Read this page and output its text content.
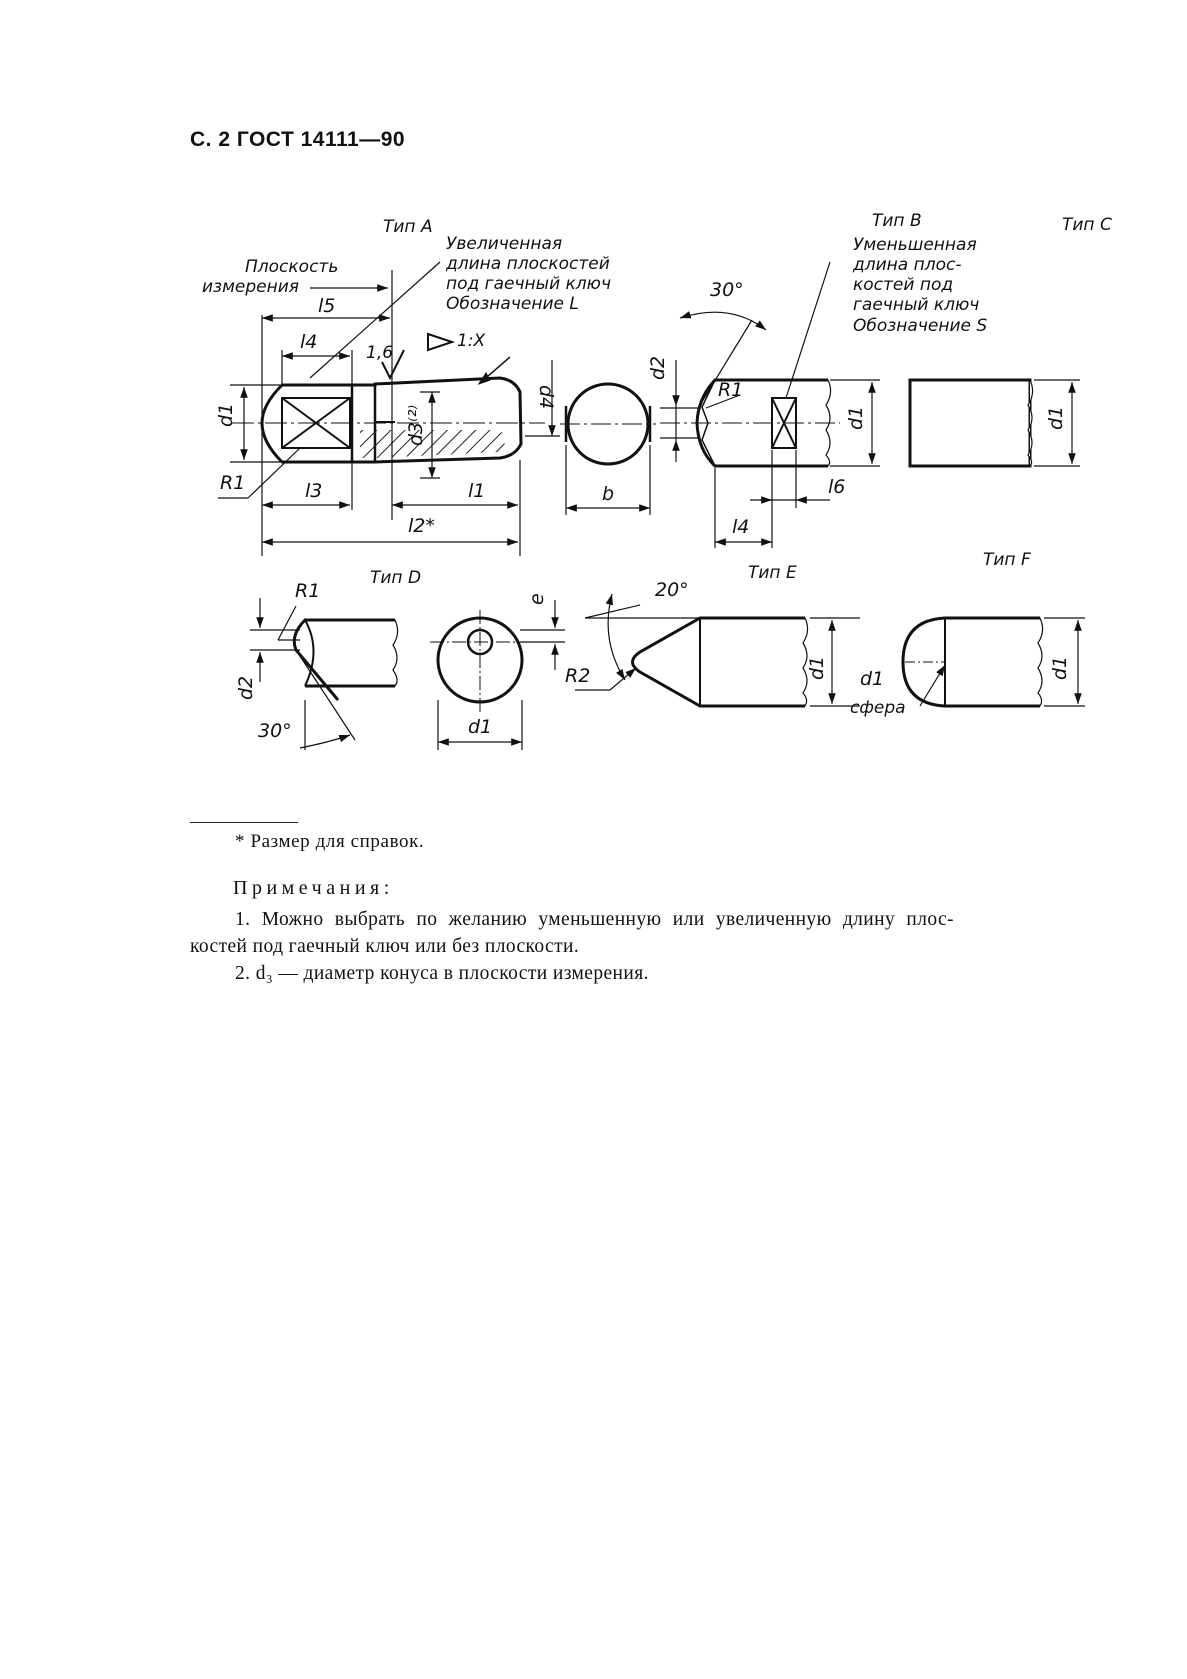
С. 2 ГОСТ 14111—90
Тип А
Увеличенная
длина плоскостей
под гаечный ключ
Обозначение L
Плоскость
измерения
l5
l4	1,6
1:X
d1	d3⁽²⁾
d4
R1	l3	l1
l2*
b
Тип В
Уменьшенная
длина плос-
костей под
гаечный ключ
Обозначение S
30°
d2
R1
d1
l4
l6
Тип С
d1
Тип D
R1
d2
30°
e
d1
Тип Е
20°
R2	d1
Тип F
d1
d1
сфера
* Размер для справок.
Примечания:
1. Можно выбрать по желанию уменьшенную или увеличенную длину плос-
костей под гаечный ключ или без плоскости.
2. d₃ — диаметр конуса в плоскости измерения.
